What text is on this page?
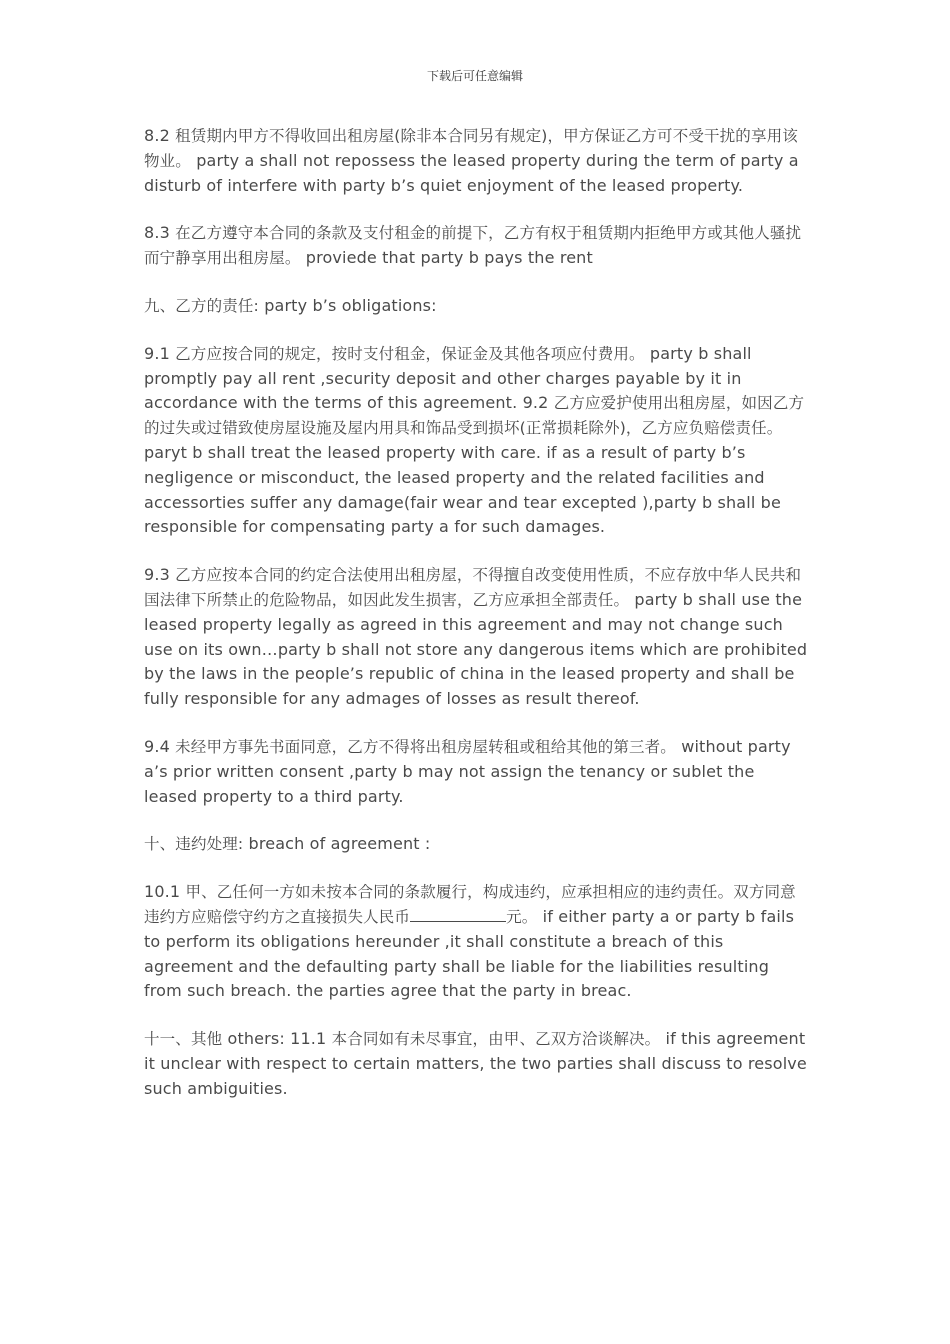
下载后可任意编辑

8.2 租赁期内甲方不得收回出租房屋(除非本合同另有规定)，甲方保证乙方可不受干扰的享用该物业。 party a shall not repossess the leased property during the term of party a disturb of interfere with party b’s quiet enjoyment of the leased property.

8.3 在乙方遵守本合同的条款及支付租金的前提下，乙方有权于租赁期内拒绝甲方或其他人骚扰而宁静享用出租房屋。 proviede that party b pays the rent

九、乙方的责任: party b’s obligations:

9.1 乙方应按合同的规定，按时支付租金，保证金及其他各项应付费用。 party b shall promptly pay all rent ,security deposit and other charges payable by it in accordance with the terms of this agreement. 9.2 乙方应爱护使用出租房屋，如因乙方的过失或过错致使房屋设施及屋内用具和饰品受到损坏(正常损耗除外)，乙方应负赔偿责任。 paryt b shall treat the leased property with care. if as a result of party b’s negligence or misconduct, the leased property and the related facilities and accessorties suffer any damage(fair wear and tear excepted ),party b shall be responsible for compensating party a for such damages.

9.3 乙方应按本合同的约定合法使用出租房屋，不得擅自改变使用性质，不应存放中华人民共和国法律下所禁止的危险物品，如因此发生损害，乙方应承担全部责任。 party b shall use the leased property legally as agreed in this agreement and may not change such use on its own…party b shall not store any dangerous items which are prohibited by the laws in the people’s republic of china in the leased property and shall be fully responsible for any admages of losses as result thereof.

9.4 未经甲方事先书面同意，乙方不得将出租房屋转租或租给其他的第三者。 without party a’s prior written consent ,party b may not assign the tenancy or sublet the leased property to a third party.

十、违约处理: breach of agreement :

10.1 甲、乙任何一方如未按本合同的条款履行，构成违约，应承担相应的违约责任。双方同意违约方应赔偿守约方之直接损失人民币	元。 if either party a or party b fails to perform its obligations hereunder ,it shall constitute a breach of this agreement and the defaulting party shall be liable for the liabilities resulting from such breach. the parties agree that the party in breac.

十一、其他 others: 11.1 本合同如有未尽事宜，由甲、乙双方洽谈解决。 if this agreement it unclear with respect to certain matters, the two parties shall discuss to resolve such ambiguities.
